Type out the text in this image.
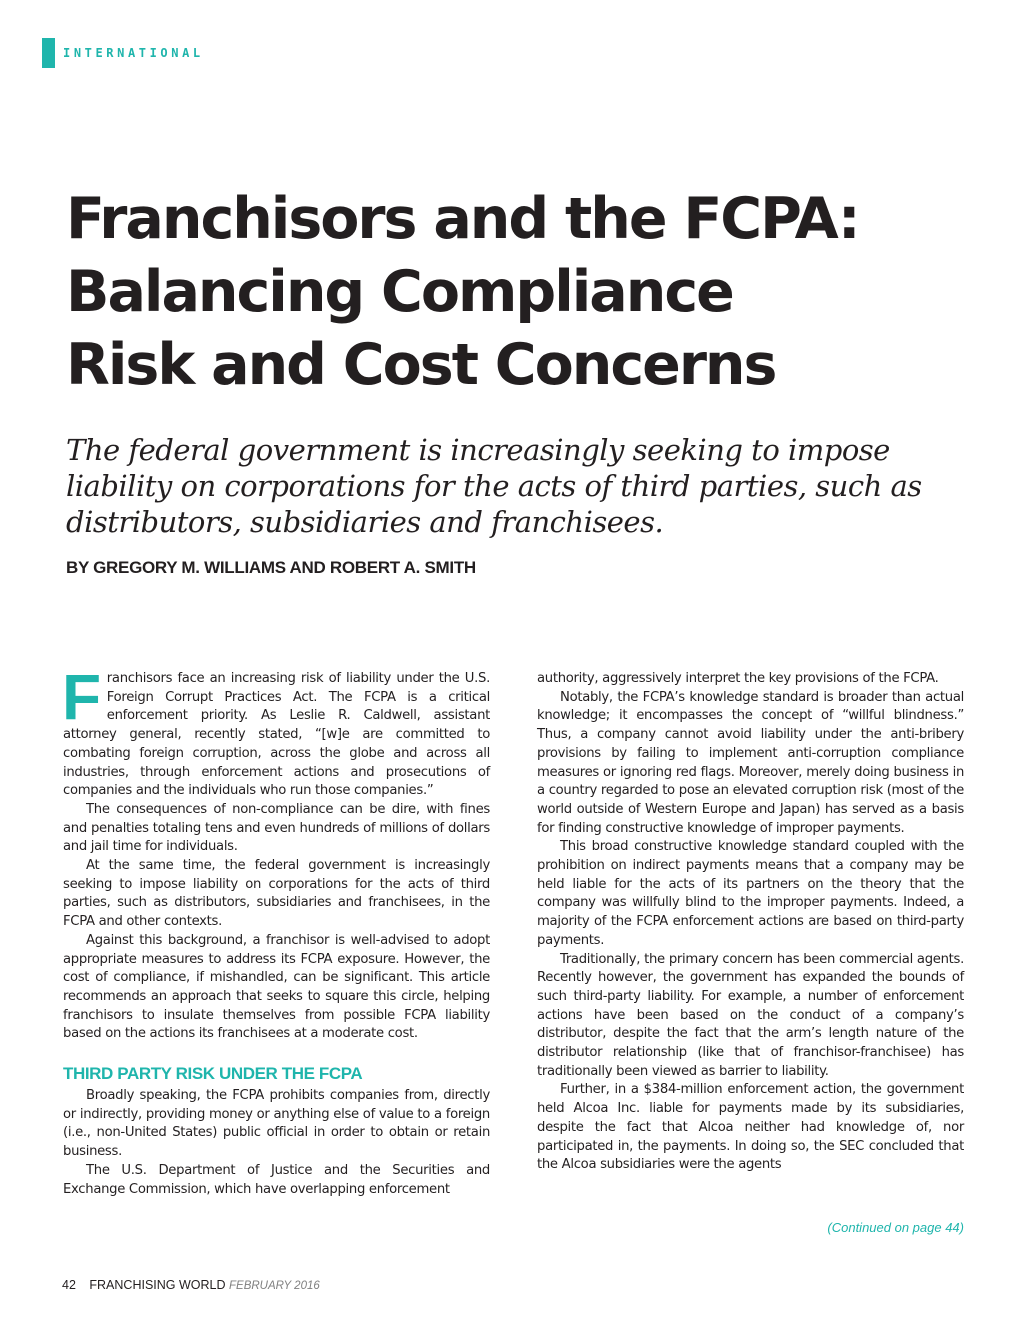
INTERNATIONAL
Franchisors and the FCPA:
Balancing Compliance
Risk and Cost Concerns

The federal government is increasingly seeking to impose
liability on corporations for the acts of third parties, such as
distributors, subsidiaries and franchisees.

BY GREGORY M. WILLIAMS AND ROBERT A. SMITH

Franchisors face an increasing risk of liability under the U.S. Foreign Corrupt Practices Act. The FCPA is a critical enforcement priority. As Leslie R. Caldwell, assistant attorney general, recently stated, “[w]e are committed to combating foreign corruption, across the globe and across all industries, through enforcement actions and prosecutions of companies and the individuals who run those companies.”

The consequences of non-compliance can be dire, with fines and penalties totaling tens and even hundreds of millions of dollars and jail time for individuals.

At the same time, the federal government is increasingly seeking to impose liability on corporations for the acts of third parties, such as distributors, subsidiaries and franchisees, in the FCPA and other contexts.

Against this background, a franchisor is well-advised to adopt appropriate measures to address its FCPA exposure. However, the cost of compliance, if mishandled, can be significant. This article recommends an approach that seeks to square this circle, helping franchisors to insulate themselves from possible FCPA liability based on the actions its franchisees at a moderate cost.

THIRD PARTY RISK UNDER THE FCPA

Broadly speaking, the FCPA prohibits companies from, directly or indirectly, providing money or anything else of value to a foreign (i.e., non-United States) public official in order to obtain or retain business.

The U.S. Department of Justice and the Securities and Exchange Commission, which have overlapping enforcement

authority, aggressively interpret the key provisions of the FCPA.

Notably, the FCPA’s knowledge standard is broader than actual knowledge; it encompasses the concept of “willful blindness.” Thus, a company cannot avoid liability under the anti-bribery provisions by failing to implement anti-corruption compliance measures or ignoring red flags. Moreover, merely doing business in a country regarded to pose an elevated corruption risk (most of the world outside of Western Europe and Japan) has served as a basis for finding constructive knowledge of improper payments.

This broad constructive knowledge standard coupled with the prohibition on indirect payments means that a company may be held liable for the acts of its partners on the theory that the company was willfully blind to the improper payments. Indeed, a majority of the FCPA enforcement actions are based on third-party payments.

Traditionally, the primary concern has been commercial agents. Recently however, the government has expanded the bounds of such third-party liability. For example, a number of enforcement actions have been based on the conduct of a company’s distributor, despite the fact that the arm’s length nature of the distributor relationship (like that of franchisor-franchisee) has traditionally been viewed as barrier to liability.

Further, in a $384-million enforcement action, the government held Alcoa Inc. liable for payments made by its subsidiaries, despite the fact that Alcoa neither had knowledge of, nor participated in, the payments. In doing so, the SEC concluded that the Alcoa subsidiaries were the agents

(Continued on page 44)
42 FRANCHISING WORLD FEBRUARY 2016
